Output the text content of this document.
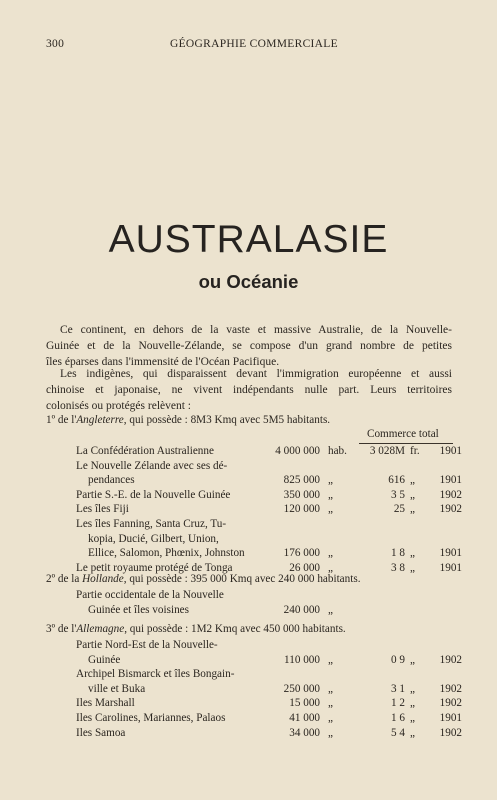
300	GÉOGRAPHIE COMMERCIALE
AUSTRALASIE
ou Océanie
Ce continent, en dehors de la vaste et massive Australie, de la Nouvelle-
Guinée et de la Nouvelle-Zélande, se compose d'un grand nombre de petites
îles éparses dans l'immensité de l'Océan Pacifique.
Les indigènes, qui disparaissent devant l'immigration européenne et aussi
chinoise et japonaise, ne vivent indépendants nulle part. Leurs territoires
colonisés ou protégés relèvent :
1º de l'Angleterre, qui possède : 8M3 Kmq avec 5M5 habitants.
Commerce total
La Confédération Australienne	4 000 000 hab.	3 028M fr.	1901
Le Nouvelle Zélande avec ses dé-
pendances	825 000 „	616 „	1901
Partie S.-E. de la Nouvelle Guinée	350 000 „	3 5 „	1902
Les îles Fiji	120 000 „	25 „	1902
Les îles Fanning, Santa Cruz, Tu-
kopia, Ducié, Gilbert, Union,
Ellice, Salomon, Phœnix, Johnston	176 000 „	1 8 „	1901
Le petit royaume protégé de Tonga	26 000 „	3 8 „	1901
2º de la Hollande, qui possède : 395 000 Kmq avec 240 000 habitants.
Partie occidentale de la Nouvelle
Guinée et îles voisines	240 000 „
3º de l'Allemagne, qui possède : 1M2 Kmq avec 450 000 habitants.
Partie Nord-Est de la Nouvelle-
Guinée	110 000 „	0 9 „	1902
Archipel Bismarck et îles Bongain-
ville et Buka	250 000 „	3 1 „	1902
Iles Marshall	15 000 „	1 2 „	1902
Iles Carolines, Mariannes, Palaos	41 000 „	1 6 „	1901
Iles Samoa	34 000 „	5 4 „	1902
